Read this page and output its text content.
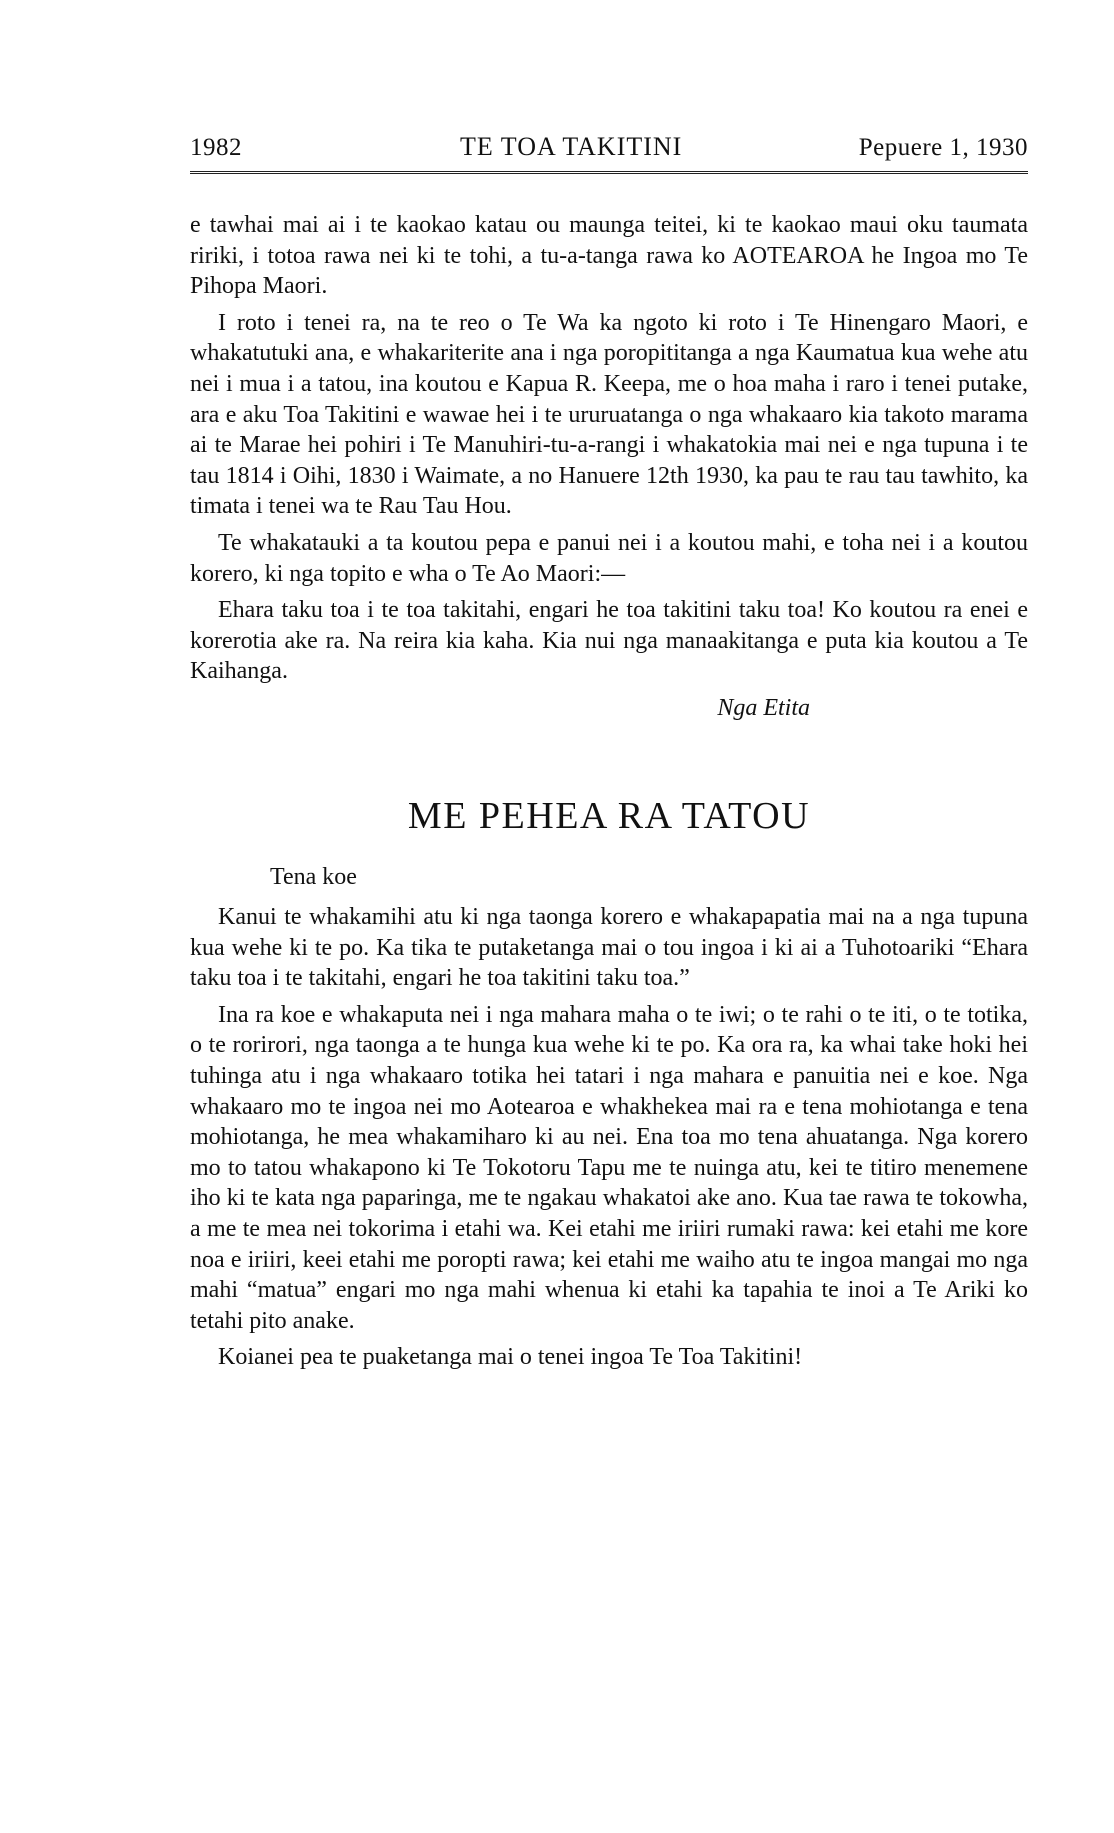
1982	TE TOA TAKITINI	Pepuere 1, 1930

e tawhai mai ai i te kaokao katau ou maunga teitei, ki te kaokao maui oku taumata ririki, i totoa rawa nei ki te tohi, a tu-a-tanga rawa ko AOTEAROA he Ingoa mo Te Pihopa Maori.

I roto i tenei ra, na te reo o Te Wa ka ngoto ki roto i Te Hinengaro Maori, e whakatutuki ana, e whakariterite ana i nga poropititanga a nga Kaumatua kua wehe atu nei i mua i a tatou, ina koutou e Kapua R. Keepa, me o hoa maha i raro i tenei putake, ara e aku Toa Takitini e wawae hei i te ururuatanga o nga whakaaro kia takoto marama ai te Marae hei pohiri i Te Manuhiri-tu-a-rangi i whakatokia mai nei e nga tupuna i te tau 1814 i Oihi, 1830 i Waimate, a no Hanuere 12th 1930, ka pau te rau tau tawhito, ka timata i tenei wa te Rau Tau Hou.

Te whakatauki a ta koutou pepa e panui nei i a koutou mahi, e toha nei i a koutou korero, ki nga topito e wha o Te Ao Maori:—

Ehara taku toa i te toa takitahi, engari he toa takitini taku toa! Ko koutou ra enei e korerotia ake ra. Na reira kia kaha. Kia nui nga manaakitanga e puta kia koutou a Te Kaihanga.

Nga Etita
ME PEHEA RA TATOU
Tena koe

Kanui te whakamihi atu ki nga taonga korero e whakapapatia mai na a nga tupuna kua wehe ki te po. Ka tika te putaketanga mai o tou ingoa i ki ai a Tuhotoariki “Ehara taku toa i te takitahi, engari he toa takitini taku toa.”

Ina ra koe e whakaputa nei i nga mahara maha o te iwi; o te rahi o te iti, o te totika, o te rorirori, nga taonga a te hunga kua wehe ki te po. Ka ora ra, ka whai take hoki hei tuhinga atu i nga whakaaro totika hei tatari i nga mahara e panuitia nei e koe. Nga whakaaro mo te ingoa nei mo Aotearoa e whakhekea mai ra e tena mohiotanga e tena mohiotanga, he mea whakamiharo ki au nei. Ena toa mo tena ahuatanga. Nga korero mo to tatou whakapono ki Te Tokotoru Tapu me te nuinga atu, kei te titiro menemene iho ki te kata nga paparinga, me te ngakau whakatoi ake ano. Kua tae rawa te tokowha, a me te mea nei tokorima i etahi wa. Kei etahi me iriiri rumaki rawa: kei etahi me kore noa e iriiri, keei etahi me poropti rawa; kei etahi me waiho atu te ingoa mangai mo nga mahi “matua” engari mo nga mahi whenua ki etahi ka tapahia te inoi a Te Ariki ko tetahi pito anake.

Koianei pea te puaketanga mai o tenei ingoa Te Toa Takitini!
